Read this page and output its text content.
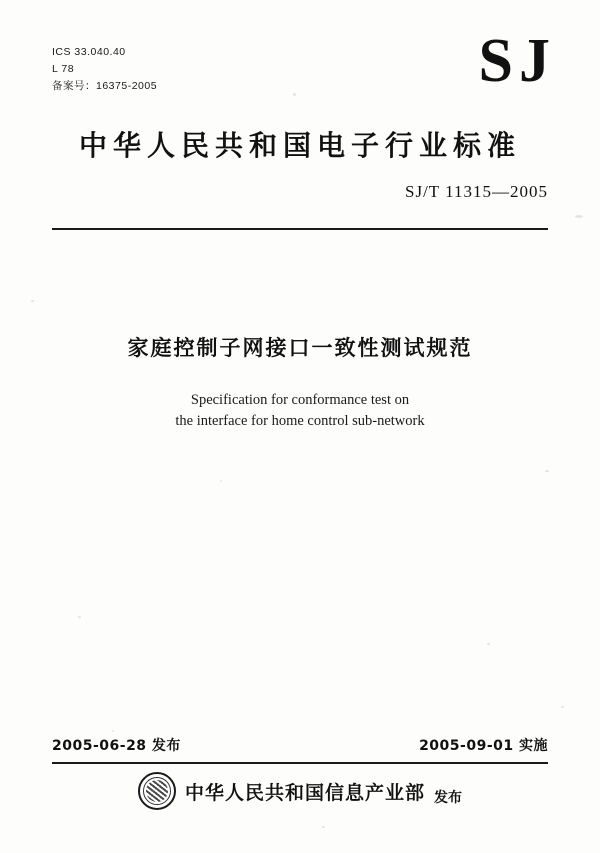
ICS 33.040.40
L 78
备案号：16375-2005	SJ
中华人民共和国电子行业标准
SJ/T 11315—2005
家庭控制子网接口一致性测试规范
Specification for conformance test on
the interface for home control sub-network
2005-06-28 发布	2005-09-01 实施
中华人民共和国信息产业部 发布
